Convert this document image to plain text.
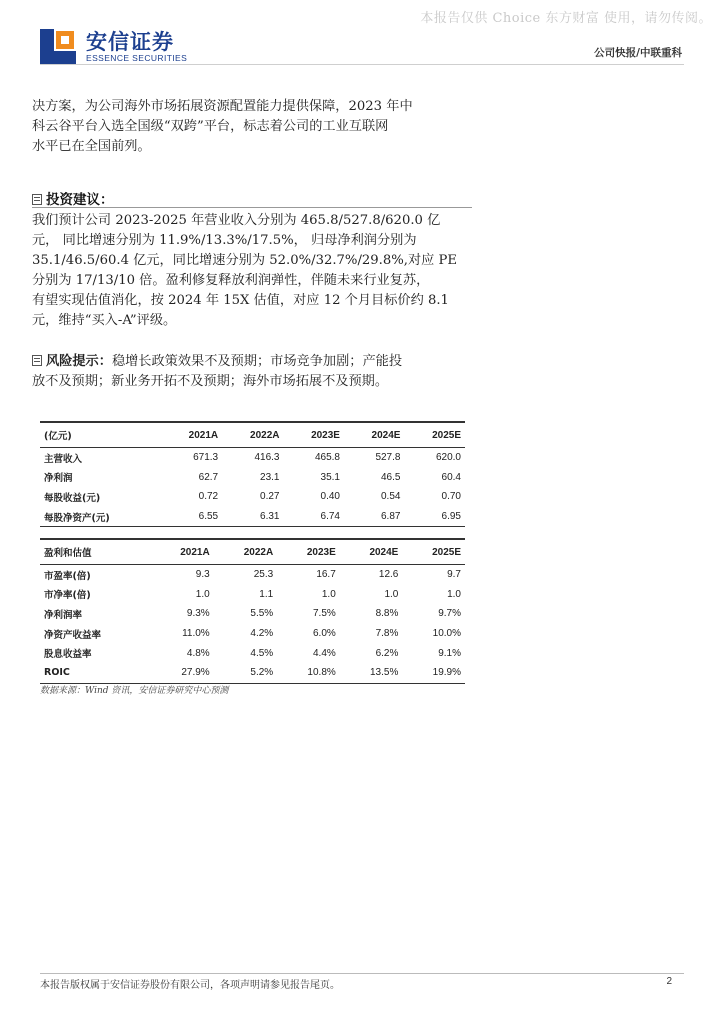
本报告仅供 Choice 东方财富 使用，请勿传阅。
安信证券
ESSENCE SECURITIES	公司快报/中联重科
决方案，为公司海外市场拓展资源配置能力提供保障，2023 年中
科云谷平台入选全国级“双跨”平台，标志着公司的工业互联网
水平已在全国前列。
投资建议：
我们预计公司 2023-2025 年营业收入分别为 465.8/527.8/620.0 亿
元， 同比增速分别为 11.9%/13.3%/17.5%， 归母净利润分别为
35.1/46.5/60.4 亿元，同比增速分别为 52.0%/32.7%/29.8%,对应 PE
分别为 17/13/10 倍。盈利修复释放利润弹性，伴随未来行业复苏，
有望实现估值消化，按 2024 年 15X 估值，对应 12 个月目标价约 8.1
元，维持“买入-A”评级。
风险提示：稳增长政策效果不及预期；市场竞争加剧；产能投
放不及预期；新业务开拓不及预期；海外市场拓展不及预期。
(亿元)	2021A	2022A	2023E	2024E	2025E
主营收入	671.3	416.3	465.8	527.8	620.0
净利润	62.7	23.1	35.1	46.5	60.4
每股收益(元)	0.72	0.27	0.40	0.54	0.70
每股净资产(元)	6.55	6.31	6.74	6.87	6.95
盈利和估值	2021A	2022A	2023E	2024E	2025E
市盈率(倍)	9.3	25.3	16.7	12.6	9.7
市净率(倍)	1.0	1.1	1.0	1.0	1.0
净利润率	9.3%	5.5%	7.5%	8.8%	9.7%
净资产收益率	11.0%	4.2%	6.0%	7.8%	10.0%
股息收益率	4.8%	4.5%	4.4%	6.2%	9.1%
ROIC	27.9%	5.2%	10.8%	13.5%	19.9%
数据来源：Wind 资讯，安信证券研究中心预测
本报告版权属于安信证券股份有限公司，各项声明请参见报告尾页。	2
